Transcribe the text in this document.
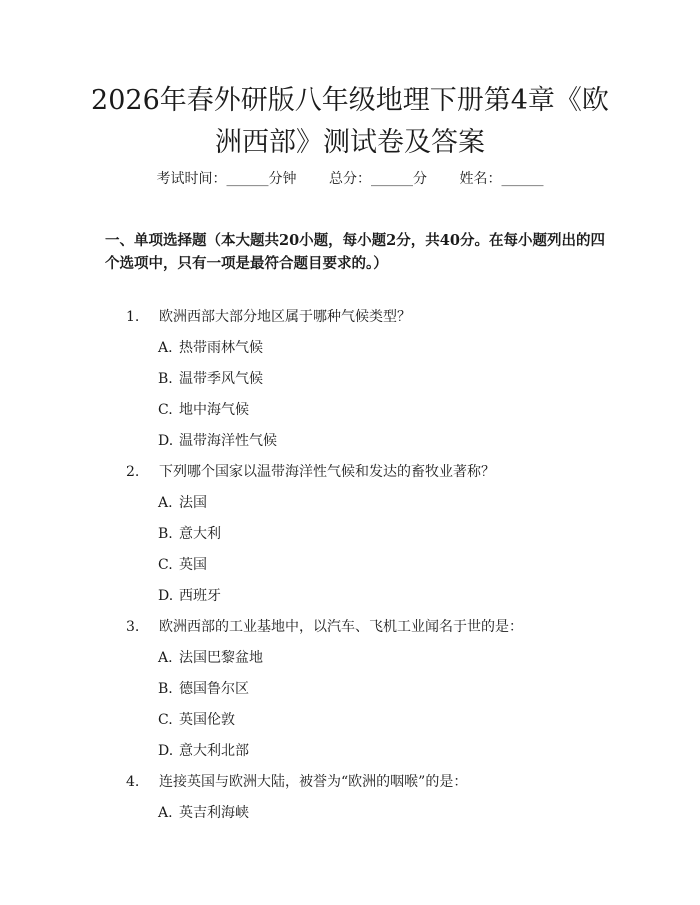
2026年春外研版八年级地理下册第4章《欧洲西部》测试卷及答案
考试时间：______分钟 总分：______分 姓名：______

一、单项选择题（本大题共20小题，每小题2分，共40分。在每小题列出的四个选项中，只有一项是最符合题目要求的。）

1. 欧洲西部大部分地区属于哪种气候类型？
A. 热带雨林气候
B. 温带季风气候
C. 地中海气候
D. 温带海洋性气候
2. 下列哪个国家以温带海洋性气候和发达的畜牧业著称？
A. 法国
B. 意大利
C. 英国
D. 西班牙
3. 欧洲西部的工业基地中，以汽车、飞机工业闻名于世的是：
A. 法国巴黎盆地
B. 德国鲁尔区
C. 英国伦敦
D. 意大利北部
4. 连接英国与欧洲大陆，被誉为“欧洲的咽喉”的是：
A. 英吉利海峡
